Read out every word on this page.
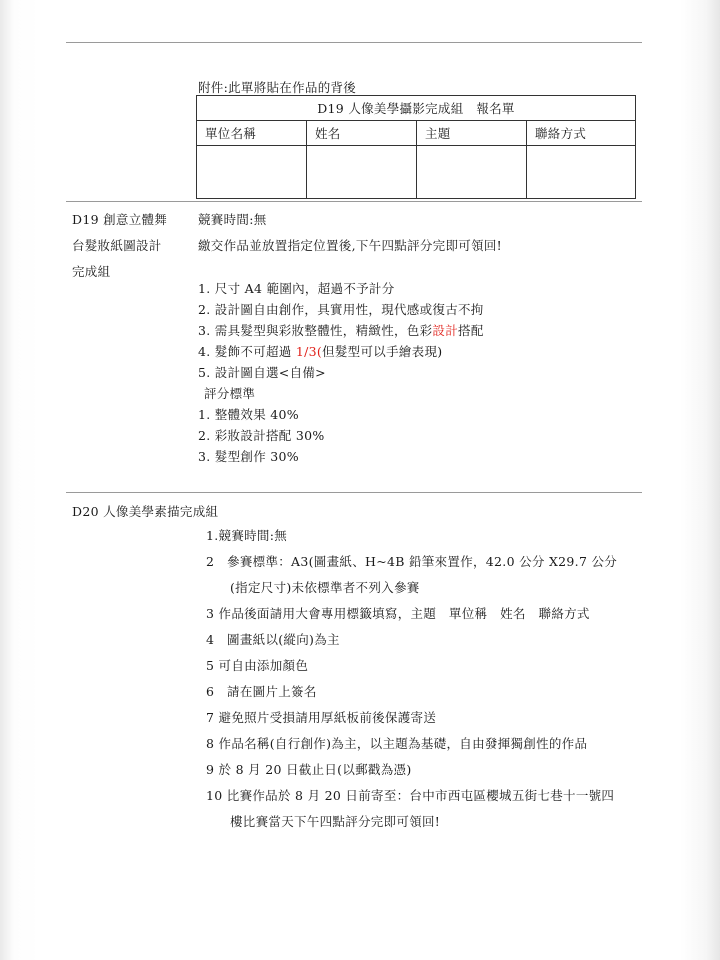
附件:此單將貼在作品的背後
D19 人像美學攝影完成組　報名單			
單位名稱	姓名	主題	聯絡方式

D19 創意立體舞
台髮妝紙圖設計
完成組
競賽時間:無
繳交作品並放置指定位置後,下午四點評分完即可領回!
1. 尺寸 A4 範圍內，超過不予計分
2. 設計圖自由創作，具實用性，現代感或復古不拘
3. 需具髮型與彩妝整體性，精緻性，色彩設計搭配
4. 髮飾不可超過 1/3(但髮型可以手繪表現)
5. 設計圖自選<自備>
評分標準
1. 整體效果 40%
2. 彩妝設計搭配 30%
3. 髮型創作 30%
D20 人像美學素描完成組
1.競賽時間:無
2　參賽標準：A3(圖畫紙、H~4B 鉛筆來置作，42.0 公分 X29.7 公分
(指定尺寸)未依標準者不列入參賽
3 作品後面請用大會專用標籤填寫，主題　單位稱　姓名　聯絡方式
4　圖畫紙以(縱向)為主
5 可自由添加顏色
6　請在圖片上簽名
7 避免照片受損請用厚紙板前後保護寄送
8 作品名稱(自行創作)為主，以主題為基礎，自由發揮獨創性的作品
9 於 8 月 20 日截止日(以郵戳為憑)
10 比賽作品於 8 月 20 日前寄至：台中市西屯區櫻城五街七巷十一號四
樓比賽當天下午四點評分完即可領回!
